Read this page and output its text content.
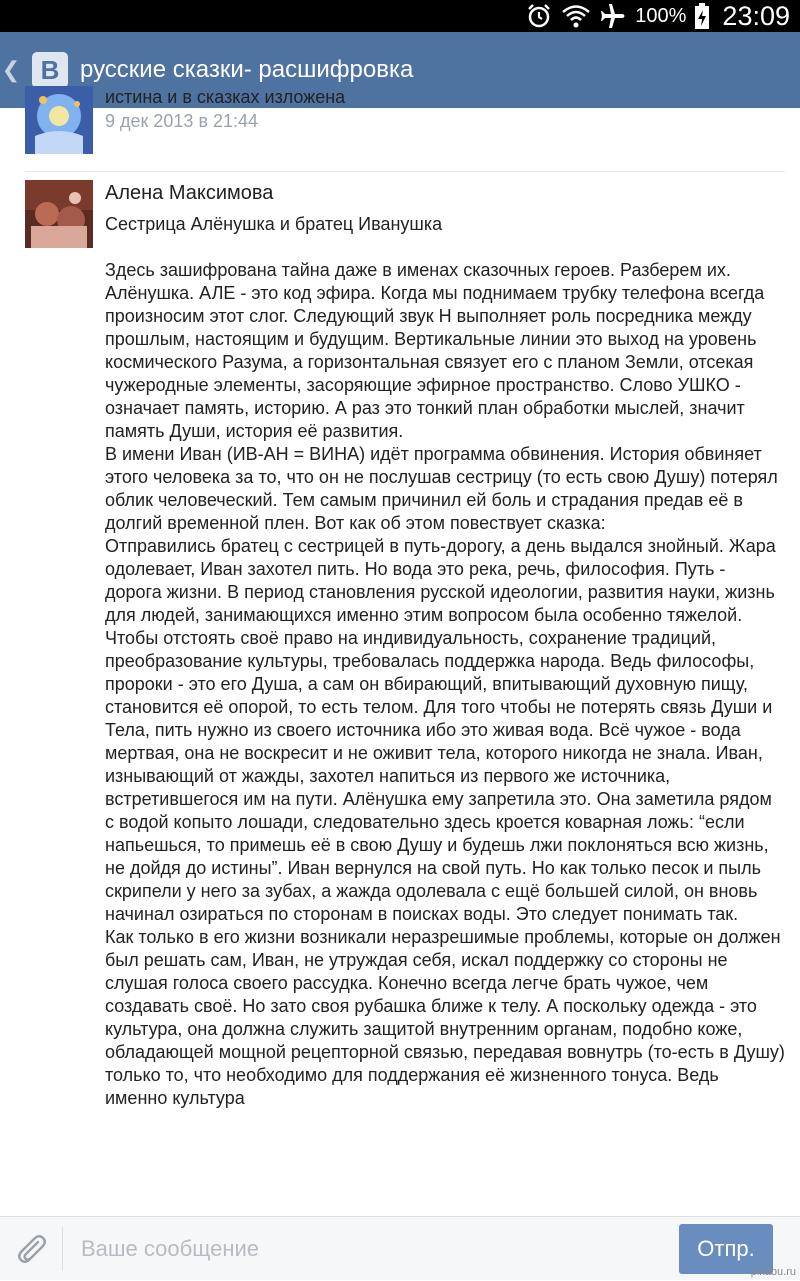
100% 23:09
❮ B русские сказки- расшифровка
истина и в сказках изложена
9 дек 2013 в 21:44
Алена Максимова
Сестрица Алёнушка и братец Иванушка
Здесь зашифрована тайна даже в именах сказочных героев. Разберем их.
Алёнушка. АЛЕ - это код эфира. Когда мы поднимаем трубку телефона всегда произносим этот слог. Следующий звук Н выполняет роль посредника между прошлым, настоящим и будущим. Вертикальные линии это выход на уровень космического Разума, а горизонтальная связует его с планом Земли, отсекая чужеродные элементы, засоряющие эфирное пространство. Слово УШКО - означает память, историю. А раз это тонкий план обработки мыслей, значит память Души, история её развития.
В имени Иван (ИВ-АН = ВИНА) идёт программа обвинения. История обвиняет этого человека за то, что он не послушав сестрицу (то есть свою Душу) потерял облик человеческий. Тем самым причинил ей боль и страдания предав её в долгий временной плен. Вот как об этом повествует сказка:
Отправились братец с сестрицей в путь-дорогу, а день выдался знойный. Жара одолевает, Иван захотел пить. Но вода это река, речь, философия. Путь - дорога жизни. В период становления русской идеологии, развития науки, жизнь для людей, занимающихся именно этим вопросом была особенно тяжелой. Чтобы отстоять своё право на индивидуальность, сохранение традиций, преобразование культуры, требовалась поддержка народа. Ведь философы, пророки - это его Душа, а сам он вбирающий, впитывающий духовную пищу, становится её опорой, то есть телом. Для того чтобы не потерять связь Души и Тела, пить нужно из своего источника ибо это живая вода. Всё чужое - вода мертвая, она не воскресит и не оживит тела, которого никогда не знала. Иван, изнывающий от жажды, захотел напиться из первого же источника, встретившегося им на пути. Алёнушка ему запретила это. Она заметила рядом с водой копыто лошади, следовательно здесь кроется коварная ложь: “если напьешься, то примешь её в свою Душу и будешь лжи поклоняться всю жизнь, не дойдя до истины”. Иван вернулся на свой путь. Но как только песок и пыль скрипели у него за зубах, а жажда одолевала с ещё большей силой, он вновь начинал озираться по сторонам в поисках воды. Это следует понимать так.
Как только в его жизни возникали неразрешимые проблемы, которые он должен был решать сам, Иван, не утруждая себя, искал поддержку со стороны не слушая голоса своего рассудка. Конечно всегда легче брать чужое, чем создавать своё. Но зато своя рубашка ближе к телу. А поскольку одежда - это культура, она должна служить защитой внутренним органам, подобно коже, обладающей мощной рецепторной связью, передавая вовнутрь (то-есть в Душу) только то, что необходимо для поддержания её жизненного тонуса. Ведь именно культура
Ваше сообщение
Отпр.
pikabu.ru
